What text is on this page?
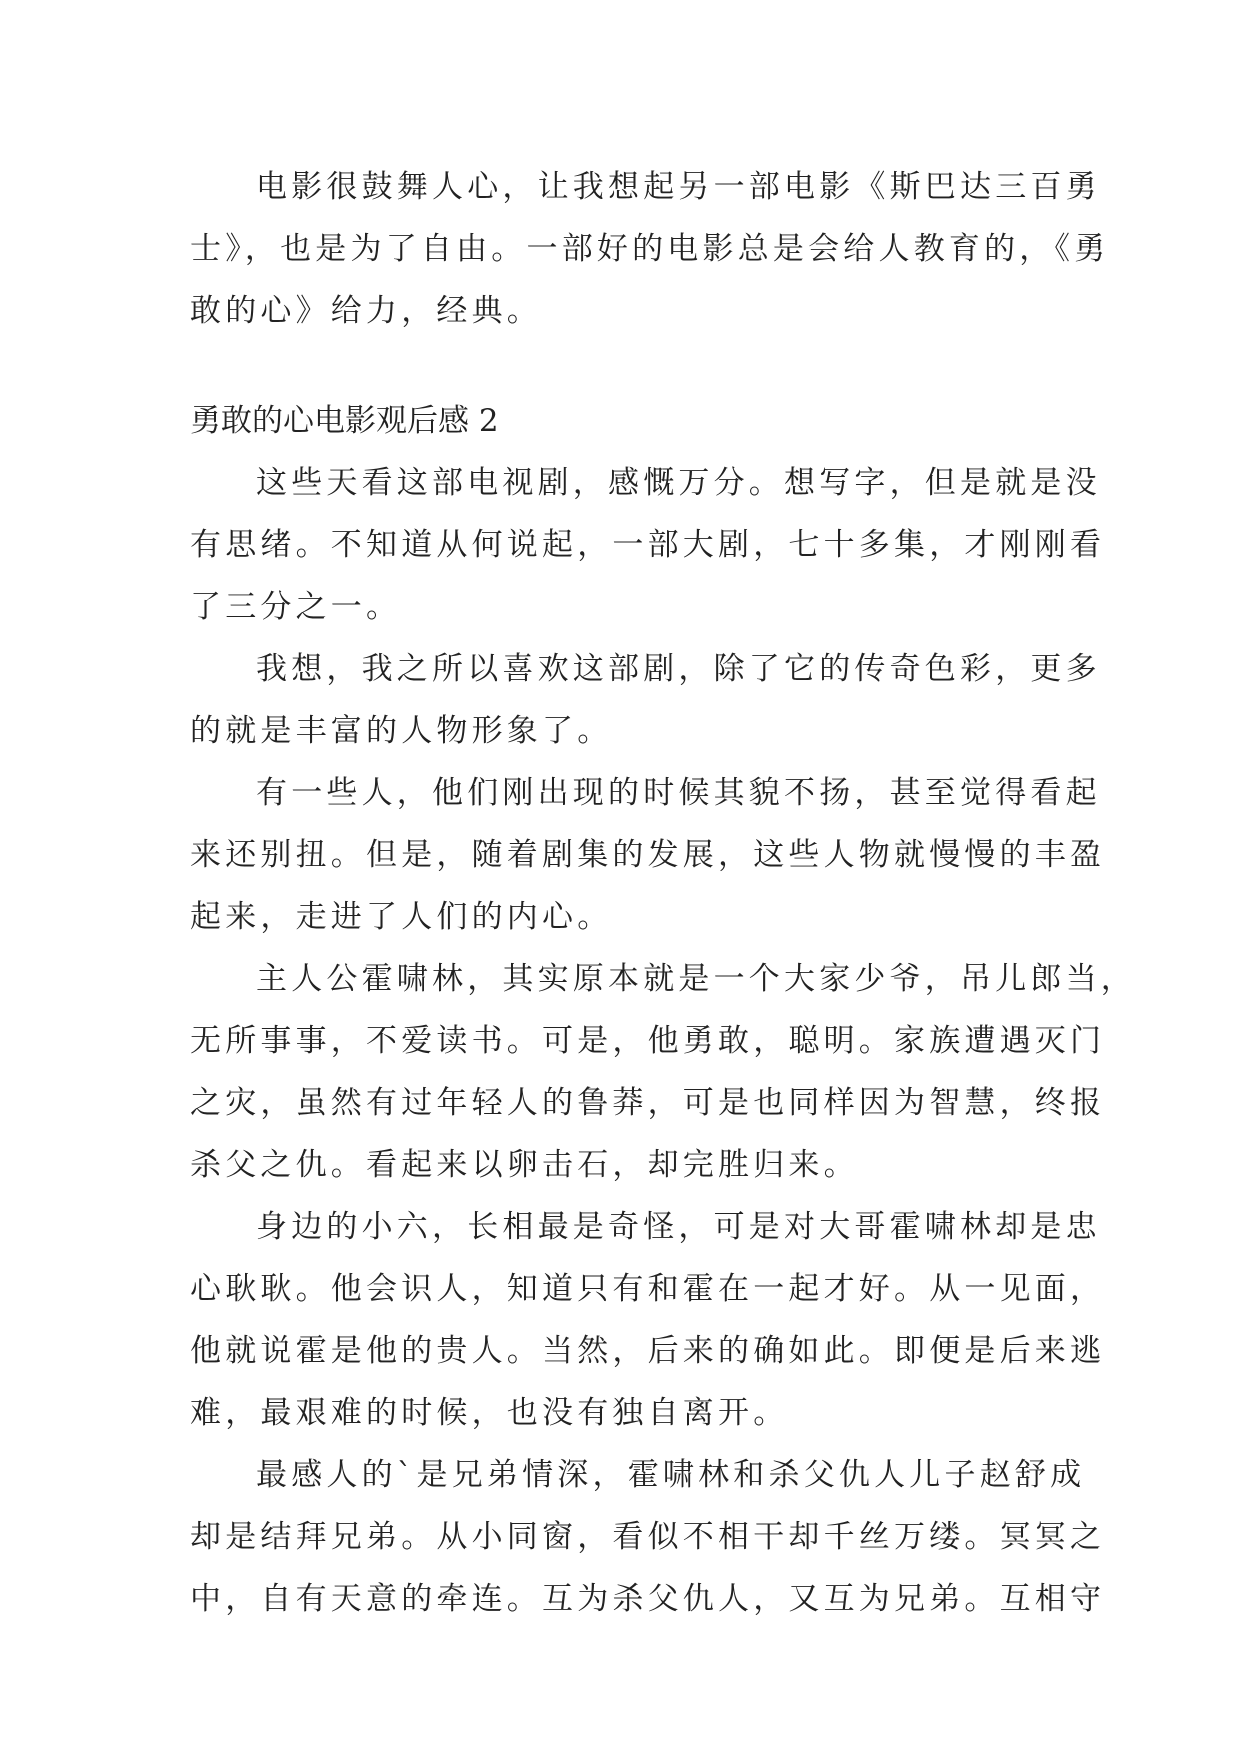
电影很鼓舞人心，让我想起另一部电影《斯巴达三百勇
士》，也是为了自由。一部好的电影总是会给人教育的，《勇
敢的心》给力，经典。
勇敢的心电影观后感 2
这些天看这部电视剧，感慨万分。想写字，但是就是没
有思绪。不知道从何说起，一部大剧，七十多集，才刚刚看
了三分之一。
我想，我之所以喜欢这部剧，除了它的传奇色彩，更多
的就是丰富的人物形象了。
有一些人，他们刚出现的时候其貌不扬，甚至觉得看起
来还别扭。但是，随着剧集的发展，这些人物就慢慢的丰盈
起来，走进了人们的内心。
主人公霍啸林，其实原本就是一个大家少爷，吊儿郎当，
无所事事，不爱读书。可是，他勇敢，聪明。家族遭遇灭门
之灾，虽然有过年轻人的鲁莽，可是也同样因为智慧，终报
杀父之仇。看起来以卵击石，却完胜归来。
身边的小六，长相最是奇怪，可是对大哥霍啸林却是忠
心耿耿。他会识人，知道只有和霍在一起才好。从一见面，
他就说霍是他的贵人。当然，后来的确如此。即便是后来逃
难，最艰难的时候，也没有独自离开。
最感人的`是兄弟情深，霍啸林和杀父仇人儿子赵舒成
却是结拜兄弟。从小同窗，看似不相干却千丝万缕。冥冥之
中，自有天意的牵连。互为杀父仇人，又互为兄弟。互相守
